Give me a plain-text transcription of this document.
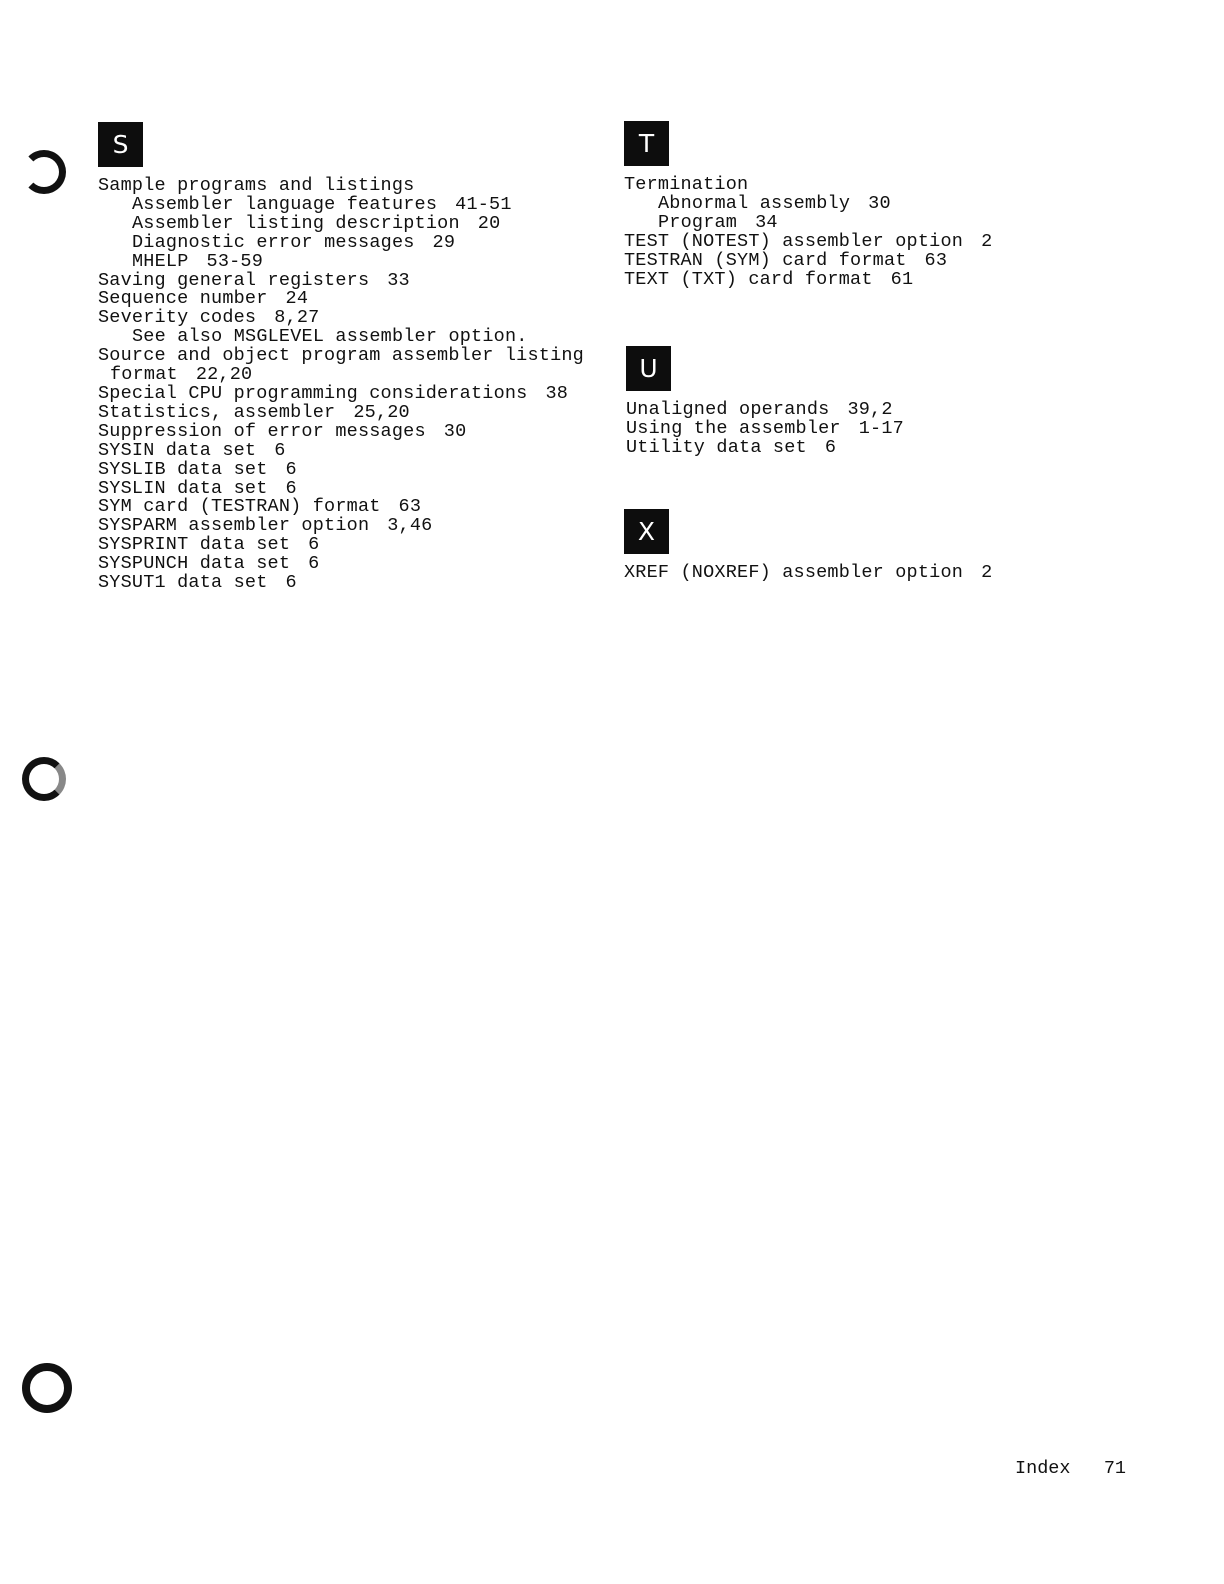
S
Sample programs and listings
Assembler language features 41-51
Assembler listing description 20
Diagnostic error messages 29
MHELP 53-59
Saving general registers 33
Sequence number 24
Severity codes 8,27
See also MSGLEVEL assembler option.
Source and object program assembler listing
format 22,20
Special CPU programming considerations 38
Statistics, assembler 25,20
Suppression of error messages 30
SYSIN data set 6
SYSLIB data set 6
SYSLIN data set 6
SYM card (TESTRAN) format 63
SYSPARM assembler option 3,46
SYSPRINT data set 6
SYSPUNCH data set 6
SYSUT1 data set 6
T
Termination
Abnormal assembly 30
Program 34
TEST (NOTEST) assembler option 2
TESTRAN (SYM) card format 63
TEXT (TXT) card format 61
U
Unaligned operands 39,2
Using the assembler 1-17
Utility data set 6
X
XREF (NOXREF) assembler option 2
Index 71
